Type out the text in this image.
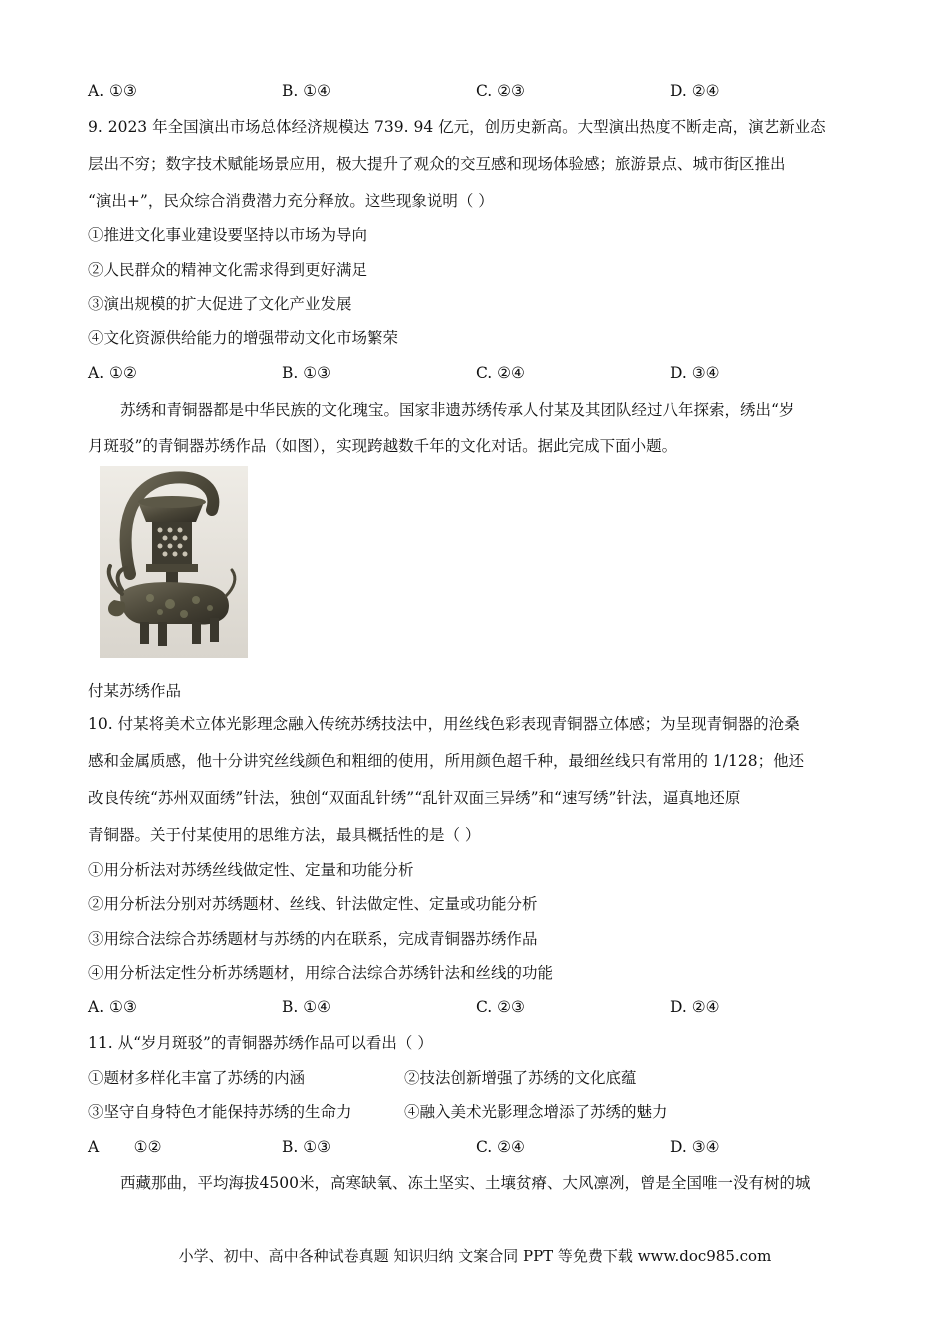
A. ①③	B. ①④	C. ②③	D. ②④
9. 2023 年全国演出市场总体经济规模达 739. 94 亿元，创历史新高。大型演出热度不断走高，演艺新业态
层出不穷；数字技术赋能场景应用，极大提升了观众的交互感和现场体验感；旅游景点、城市街区推出
“演出+”，民众综合消费潜力充分释放。这些现象说明（ ）
①推进文化事业建设要坚持以市场为导向
②人民群众的精神文化需求得到更好满足
③演出规模的扩大促进了文化产业发展
④文化资源供给能力的增强带动文化市场繁荣
A. ①②	B. ①③	C. ②④	D. ③④
苏绣和青铜器都是中华民族的文化瑰宝。国家非遗苏绣传承人付某及其团队经过八年探索，绣出“岁
月斑驳”的青铜器苏绣作品（如图），实现跨越数千年的文化对话。据此完成下面小题。
付某苏绣作品
10. 付某将美术立体光影理念融入传统苏绣技法中，用丝线色彩表现青铜器立体感；为呈现青铜器的沧桑
感和金属质感，他十分讲究丝线颜色和粗细的使用，所用颜色超千种，最细丝线只有常用的 1/128；他还
改良传统“苏州双面绣”针法，独创“双面乱针绣”“乱针双面三异绣”和“速写绣”针法，逼真地还原
青铜器。关于付某使用的思维方法，最具概括性的是（ ）
①用分析法对苏绣丝线做定性、定量和功能分析
②用分析法分别对苏绣题材、丝线、针法做定性、定量或功能分析
③用综合法综合苏绣题材与苏绣的内在联系，完成青铜器苏绣作品
④用分析法定性分析苏绣题材，用综合法综合苏绣针法和丝线的功能
A. ①③	B. ①④	C. ②③	D. ②④
11. 从“岁月斑驳”的青铜器苏绣作品可以看出（ ）
①题材多样化丰富了苏绣的内涵	②技法创新增强了苏绣的文化底蕴
③坚守自身特色才能保持苏绣的生命力	④融入美术光影理念增添了苏绣的魅力
A       ①②	B. ①③	C. ②④	D. ③④
西藏那曲，平均海拔4500米，高寒缺氧、冻土坚实、土壤贫瘠、大风凛冽，曾是全国唯一没有树的城
小学、初中、高中各种试卷真题 知识归纳 文案合同 PPT 等免费下载 www.doc985.com
